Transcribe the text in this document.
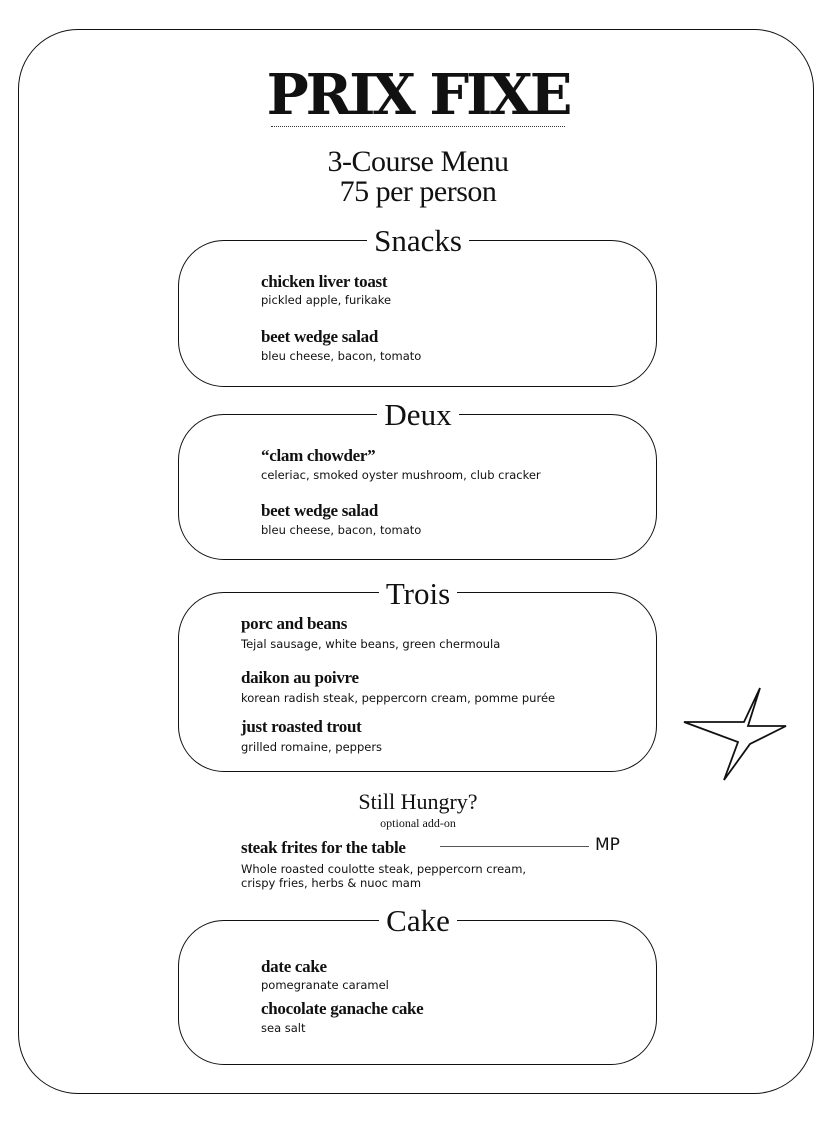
PRIX FIXE
3-Course Menu
75 per person
Snacks
chicken liver toast
pickled apple, furikake
beet wedge salad
bleu cheese, bacon, tomato
Deux
“clam chowder”
celeriac, smoked oyster mushroom, club cracker
beet wedge salad
bleu cheese, bacon, tomato
Trois
porc and beans
Tejal sausage, white beans, green chermoula
daikon au poivre
korean radish steak, peppercorn cream, pomme purée
just roasted trout
grilled romaine, peppers
Still Hungry?
optional add-on
steak frites for the table	MP
Whole roasted coulotte steak, peppercorn cream,
crispy fries, herbs & nuoc mam
Cake
date cake
pomegranate caramel
chocolate ganache cake
sea salt
